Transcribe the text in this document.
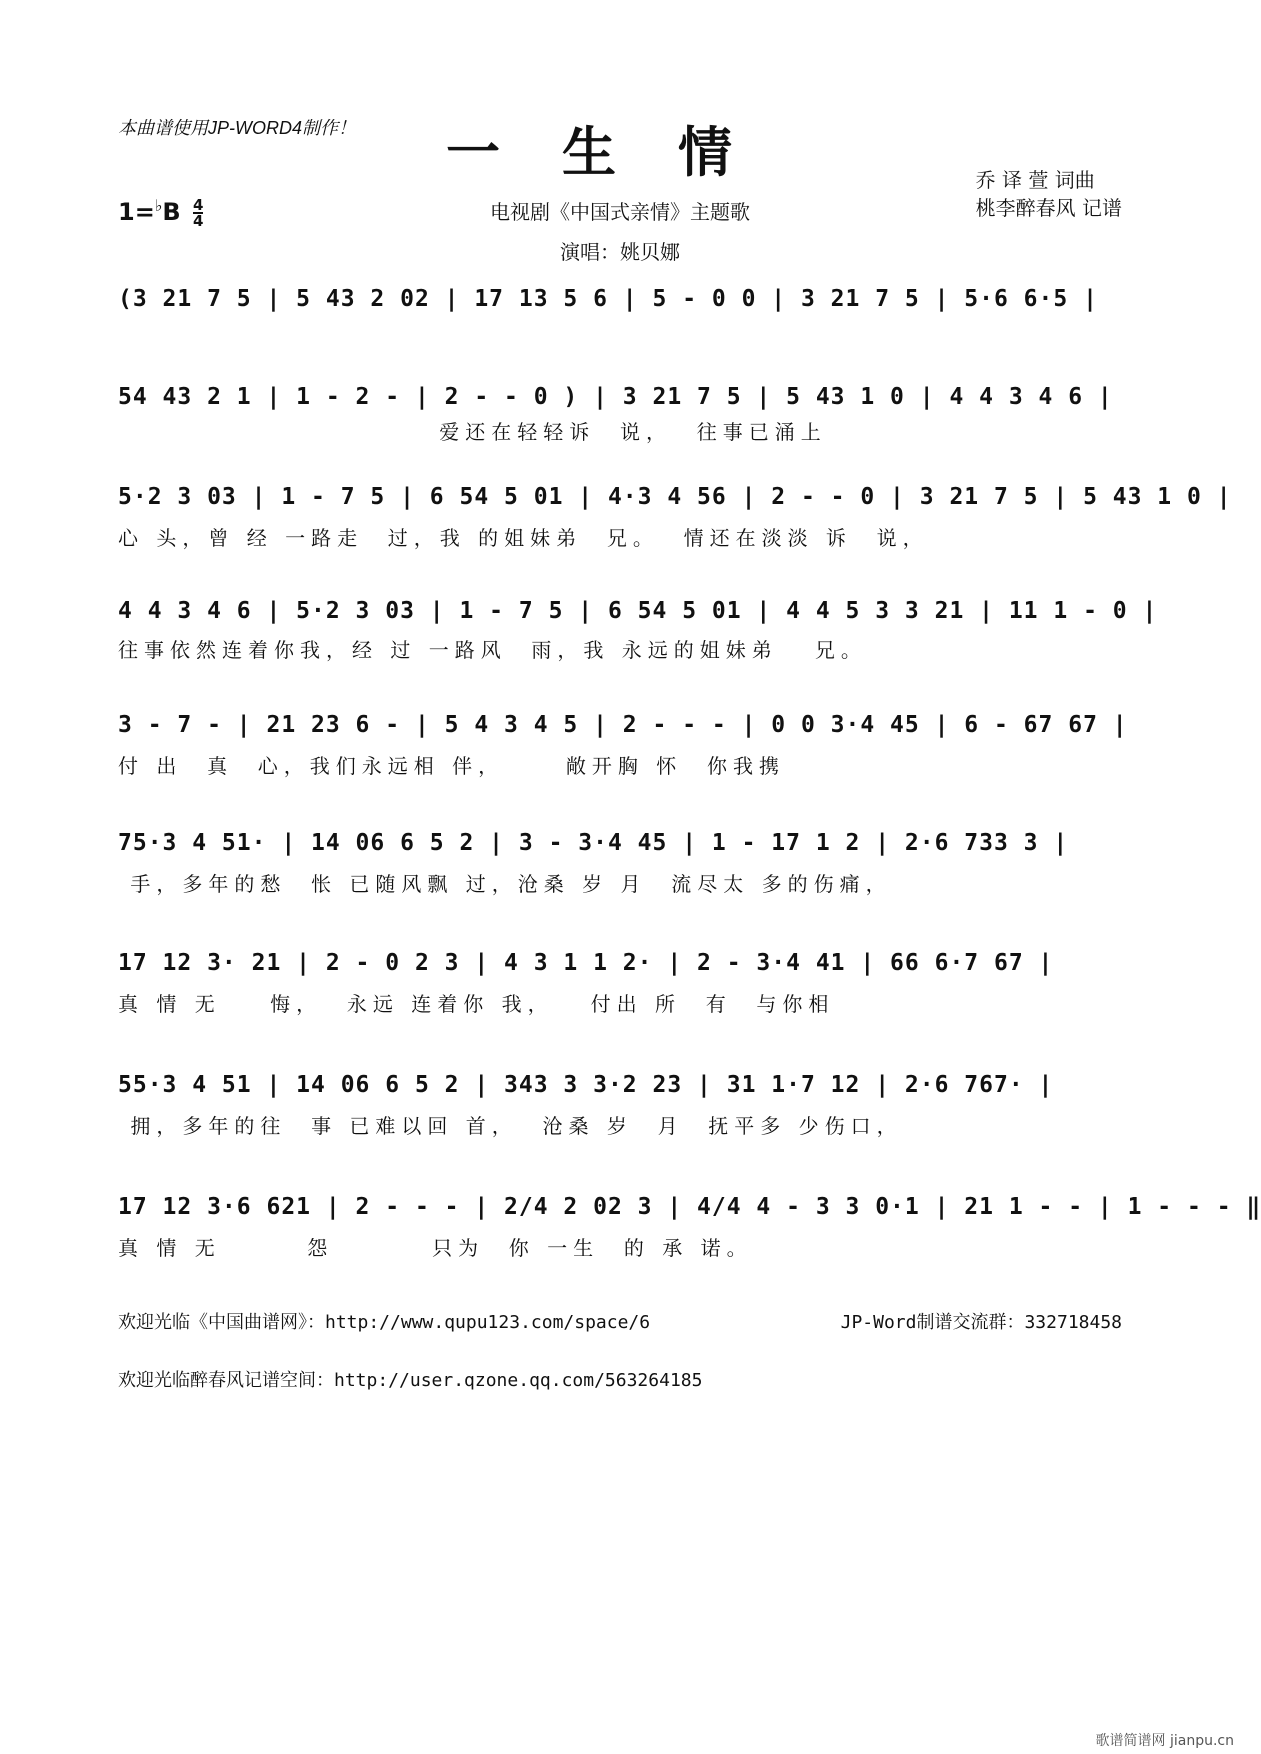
本曲谱使用JP-WORD4制作！	一生情
$1=^♭B \frac{4}{4}$	电视剧《中国式亲情》主题歌
演唱：姚贝娜
乔 译 萱 词曲
桃李醉春风 记谱
(3 21 7 5 | 5 43 2 02 | 17 13 5 6 | 5 - 0 0 | 3 21 7 5 | 5·6 6·5 |
54 43 2 1 | 1 - 2 - | 2 - - 0 ) | 3 21 7 5 | 5 43 1 0 | 4 4 3 4 6 |
爱还在轻轻诉  说，  往事已涌上
5·2 3 03 | 1 - 7 5 | 6 54 5 01 | 4·3 4 56 | 2 - - 0 | 3 21 7 5 | 5 43 1 0 |
心 头，曾 经 一路走  过，我 的姐妹弟  兄。  情还在淡淡 诉  说，
4 4 3 4 6 | 5·2 3 03 | 1 - 7 5 | 6 54 5 01 | 4 4 5 3 3 21 | 11 1 - 0 |
往事依然连着你我，经 过 一路风  雨，我 永远的姐妹弟   兄。
3 - 7 - | 21 23 6 - | 5 4 3 4 5 | 2 - - - | 0 0 3·4 45 | 6 - 67 67 |
付 出  真  心，我们永远相 伴，     敞开胸 怀  你我携
75·3 4 51· | 14 06 6 5 2 | 3 - 3·4 45 | 1 - 17 1 2 | 2·6 733 3 |
手，多年的愁  怅 已随风飘 过，沧桑 岁 月  流尽太 多的伤痛，
17 12 3· 21 | 2 - 0 2 3 | 4 3 1 1 2· | 2 - 3·4 41 | 66 6·7 67 |
真 情 无    悔，  永远 连着你 我，   付出 所  有  与你相
55·3 4 51 | 14 06 6 5 2 | 343 3 3·2 23 | 31 1·7 12 | 2·6 767· |
拥，多年的往  事 已难以回 首，  沧桑 岁  月  抚平多 少伤口，
17 12 3·6 621 | 2 - - - | 2/4 2 02 3 | 4/4 4 - 3 3 0·1 | 21 1 - - | 1 - - - ‖
真 情 无       怨        只为  你 一生  的 承 诺。
欢迎光临《中国曲谱网》：http://www.qupu123.com/space/6	JP-Word制谱交流群：332718458
欢迎光临醉春风记谱空间：http://user.qzone.qq.com/563264185
歌谱简谱网 jianpu.cn
